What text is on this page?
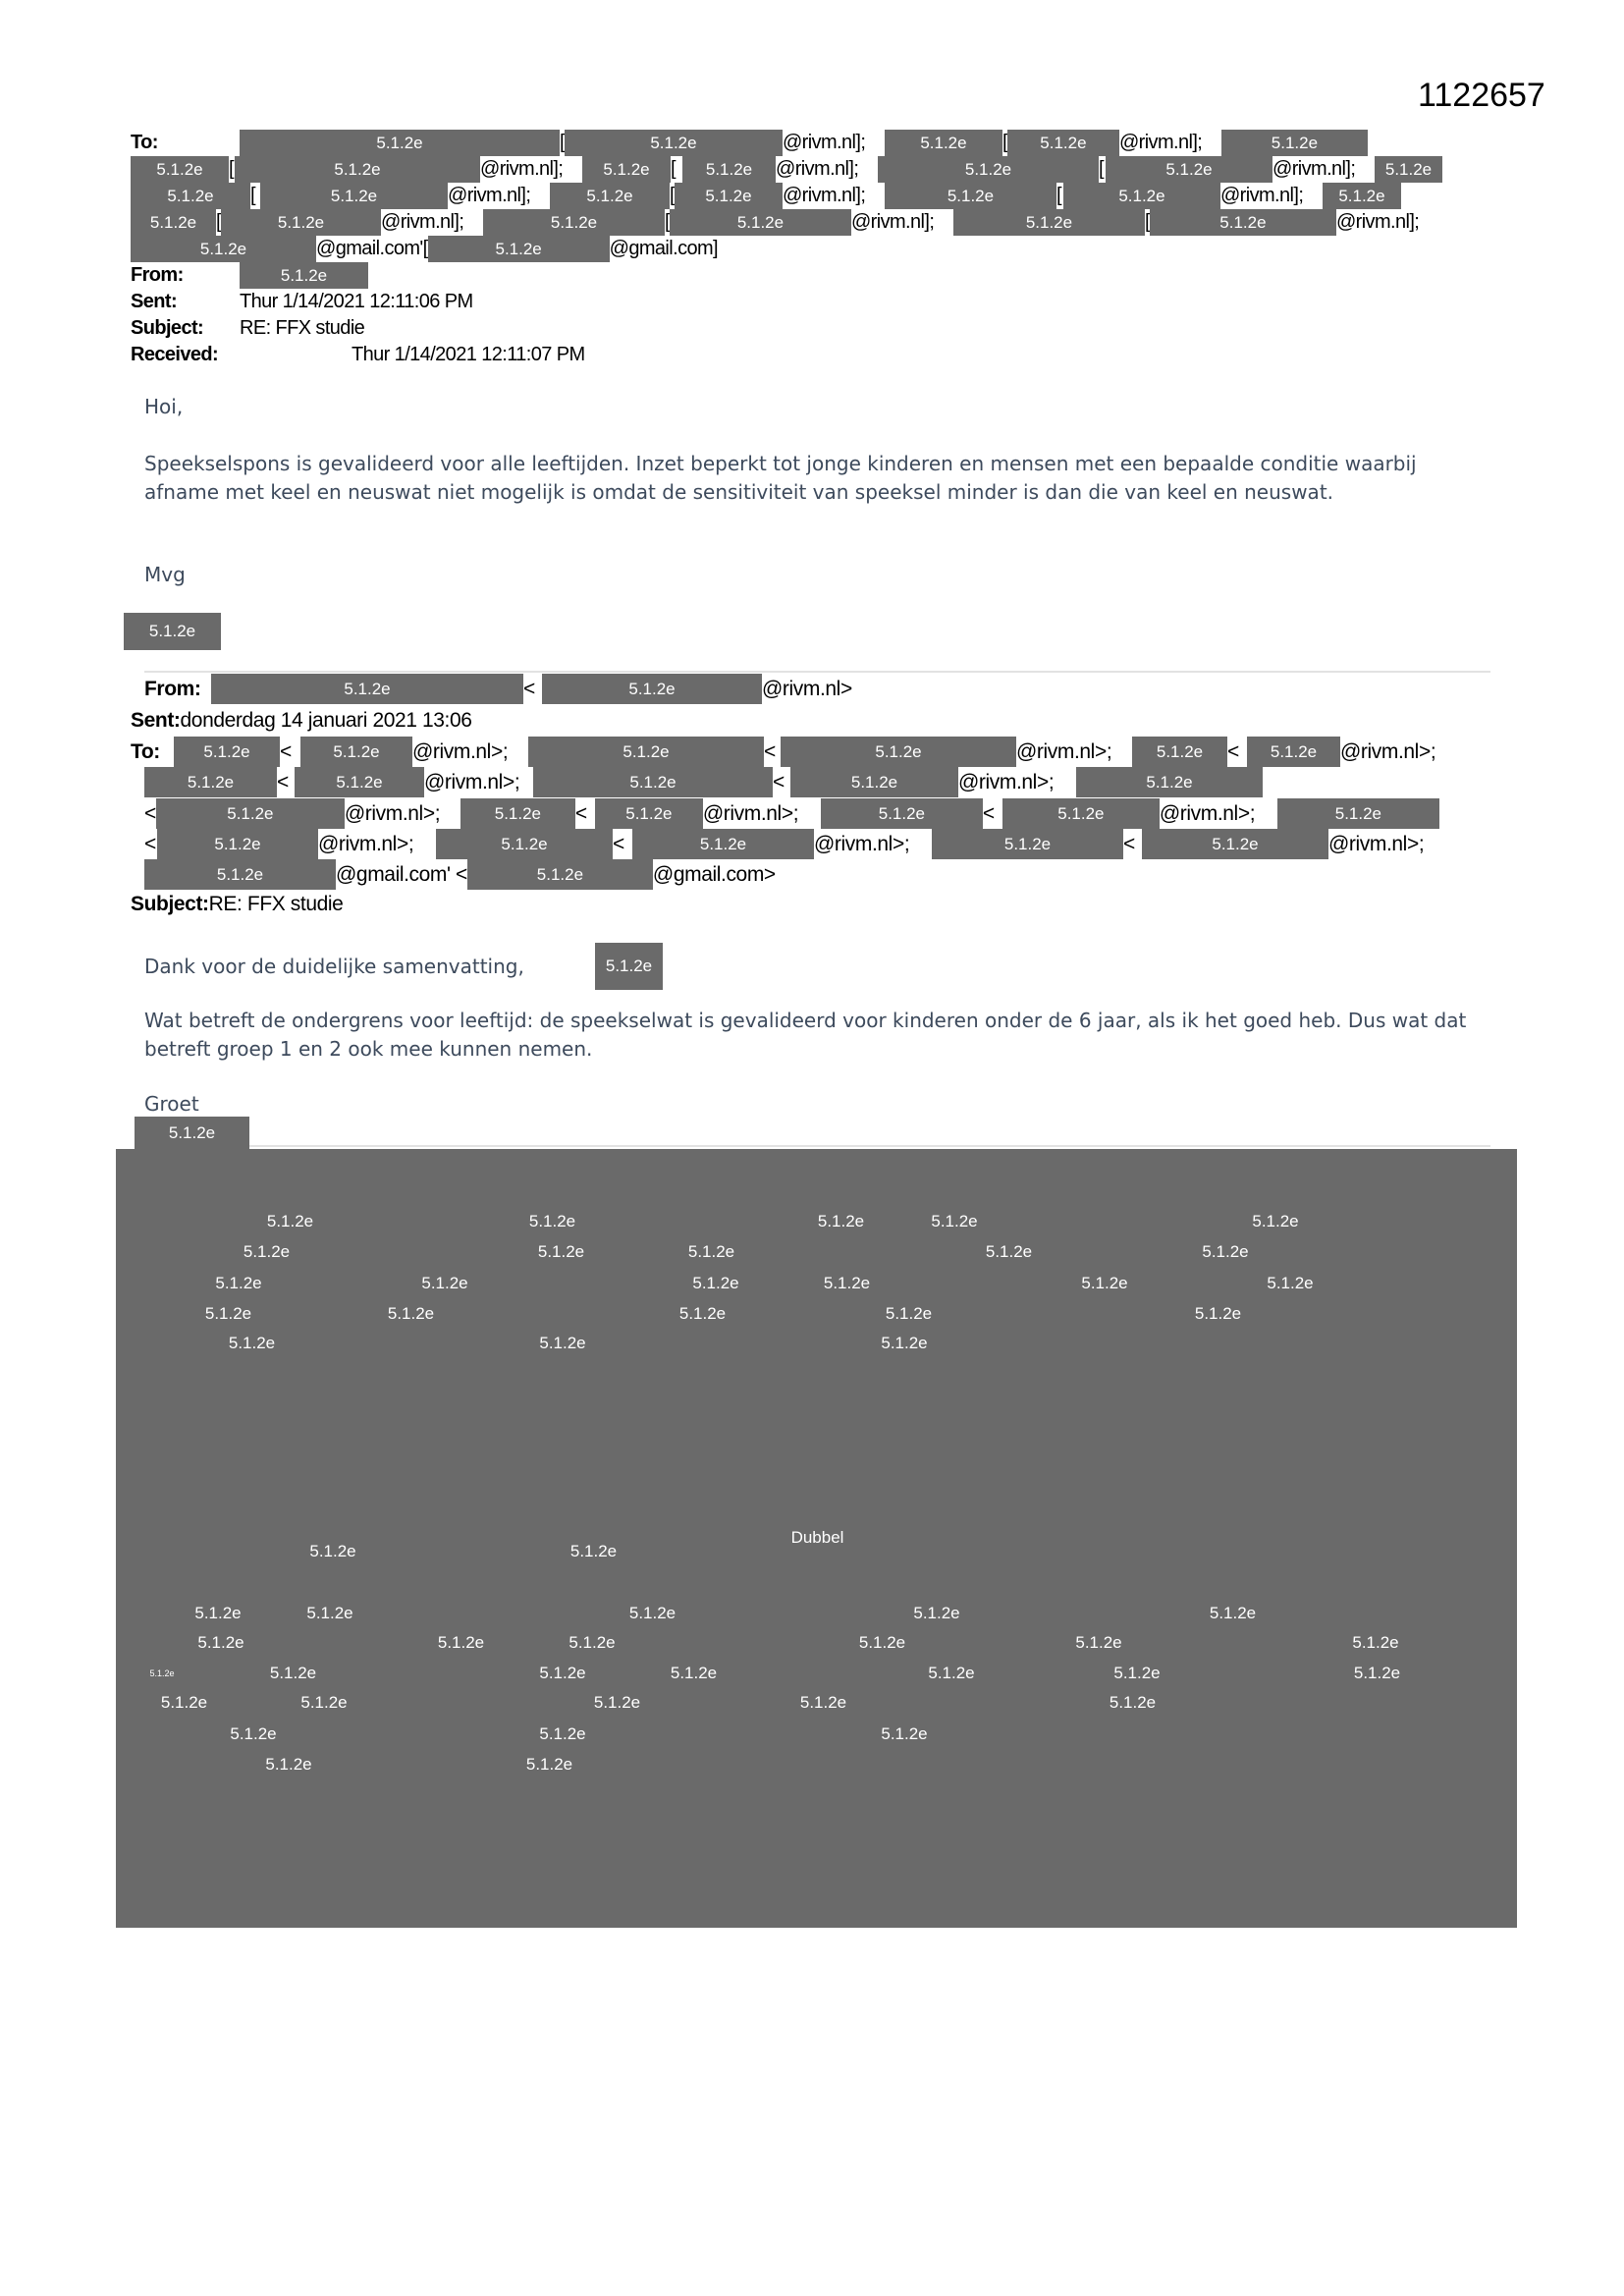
1122657
To:	5.1.2e	[	5.1.2e	@rivm.nl];	5.1.2e	[	5.1.2e	@rivm.nl];	5.1.2e
5.1.2e	[	5.1.2e	@rivm.nl];	5.1.2e	[	5.1.2e	@rivm.nl];	5.1.2e	[	5.1.2e	@rivm.nl];	5.1.2e
5.1.2e	[	5.1.2e	@rivm.nl];	5.1.2e	[	5.1.2e	@rivm.nl];	5.1.2e	[	5.1.2e	@rivm.nl];	5.1.2e
5.1.2e [	5.1.2e	@rivm.nl];	5.1.2e	[	5.1.2e	@rivm.nl];	5.1.2e	[	5.1.2e	@rivm.nl];
5.1.2e	@gmail.com'[	5.1.2e	@gmail.com]
From:	5.1.2e
Sent:	Thur 1/14/2021 12:11:06 PM
Subject:	RE: FFX studie
Received:	Thur 1/14/2021 12:11:07 PM
Hoi,
Speekselspons is gevalideerd voor alle leeftijden. Inzet beperkt tot jonge kinderen en mensen met een bepaalde conditie waarbij afname met keel en neuswat niet mogelijk is omdat de sensitiviteit van speeksel minder is dan die van keel en neuswat.
Mvg
5.1.2e
From:	5.1.2e	<	5.1.2e	@rivm.nl>
Sent: donderdag 14 januari 2021 13:06
To:	5.1.2e	<	5.1.2e	@rivm.nl>;	5.1.2e	<	5.1.2e	@rivm.nl>;	5.1.2e	<	5.1.2e	@rivm.nl>;
5.1.2e	<	5.1.2e	@rivm.nl>;	5.1.2e	<	5.1.2e	@rivm.nl>;	5.1.2e
<	5.1.2e	@rivm.nl>;	5.1.2e	<	5.1.2e	@rivm.nl>;	5.1.2e	<	5.1.2e	@rivm.nl>;	5.1.2e
<	5.1.2e	@rivm.nl>;	5.1.2e	<	5.1.2e	@rivm.nl>;	5.1.2e	<	5.1.2e	@rivm.nl>;
5.1.2e	@gmail.com' <	5.1.2e	@gmail.com>
Subject: RE: FFX studie
Dank voor de duidelijke samenvatting,	5.1.2e
Wat betreft de ondergrens voor leeftijd: de speekselwat is gevalideerd voor kinderen onder de 6 jaar, als ik het goed heb. Dus wat dat betreft groep 1 en 2 ook mee kunnen nemen.
Groet
5.1.2e
5.1.2e	5.1.2e	5.1.2e	5.1.2e	5.1.2e
5.1.2e	5.1.2e	5.1.2e	5.1.2e	5.1.2e
5.1.2e	5.1.2e	5.1.2e	5.1.2e	5.1.2e	5.1.2e
5.1.2e	5.1.2e	5.1.2e	5.1.2e	5.1.2e
5.1.2e	5.1.2e	5.1.2e
5.1.2e	5.1.2e
5.1.2e	5.1.2e	5.1.2e	5.1.2e	5.1.2e
5.1.2e	5.1.2e	5.1.2e	5.1.2e	5.1.2e	5.1.2e
5.1.2e	5.1.2e	5.1.2e	5.1.2e	5.1.2e	5.1.2e
5.1.2e	5.1.2e	5.1.2e	5.1.2e	5.1.2e
5.1.2e	5.1.2e	5.1.2e
5.1.2e	5.1.2e
5.1.2e
Dubbel
